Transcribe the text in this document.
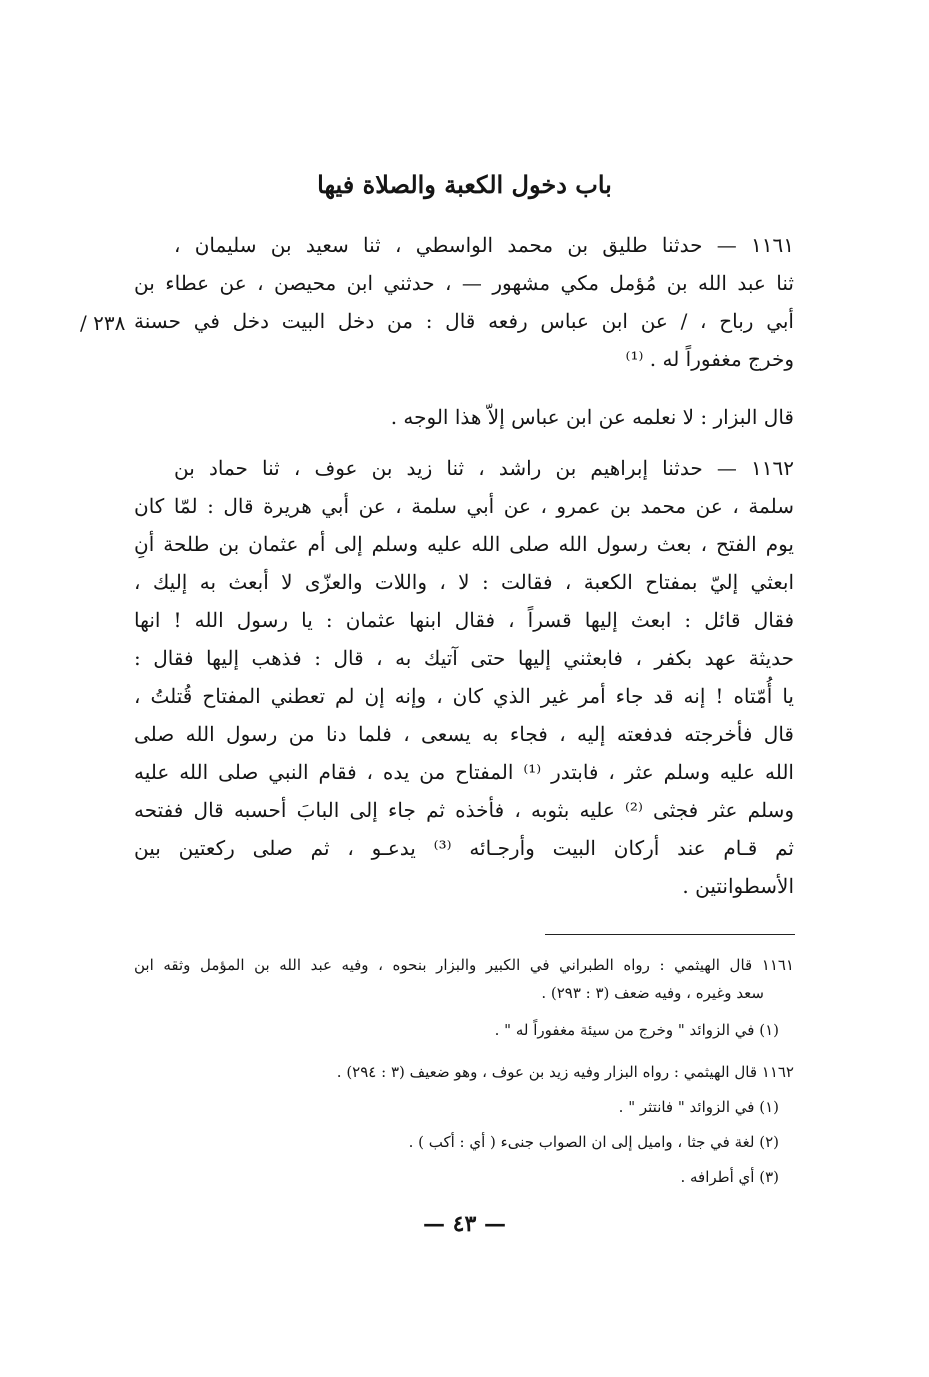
باب دخول الكعبة والصلاة فيها

١١٦١ — حدثنا طليق بن محمد الواسطي ، ثنا سعيد بن سليمان ،

ثنا عبد الله بن مُؤمل مكي مشهور — ، حدثني ابن محيصن ، عن عطاء بن

أبي رباح ، / عن ابن عباس رفعه قال : من دخل البيت دخل في حسنة

٢٣٨ /

وخرج مغفوراً له . ⁽¹⁾

قال البزار : لا نعلمه عن ابن عباس إلاّ هذا الوجه .

١١٦٢ — حدثنا إبراهيم بن راشد ، ثنا زيد بن عوف ، ثنا حماد بن

سلمة ، عن محمد بن عمرو ، عن أبي سلمة ، عن أبي هريرة قال : لمّا كان

يوم الفتح ، بعث رسول الله صلى الله عليه وسلم إلى أم عثمان بن طلحة أنِ

ابعثي إليّ بمفتاح الكعبة ، فقالت : لا ، واللات والعزّى لا أبعث به إليك ،

فقال قائل : ابعث إليها قسراً ، فقال ابنها عثمان : يا رسول الله ! انها

حديثة عهد بكفر ، فابعثني إليها حتى آتيك به ، قال : فذهب إليها فقال :

يا أُمّتاه ! إنه قد جاء أمر غير الذي كان ، وإنه إن لم تعطني المفتاح قُتلتُ ،

قال فأخرجته فدفعته إليه ، فجاء به يسعى ، فلما دنا من رسول الله صلى

الله عليه وسلم عثر ، فابتدر ⁽¹⁾ المفتاح من يده ، فقام النبي صلى الله عليه

وسلم عثر فجثى ⁽²⁾ عليه بثوبه ، فأخذه ثم جاء إلى البابَ أحسبه قال ففتحه

ثم قـام عند أركان البيت وأرجـائه ⁽³⁾ يدعـو ، ثم صلى ركعتين بين

الأسطوانتين .

١١٦١ قال الهيثمي : رواه الطبراني في الكبير والبزار بنحوه ، وفيه عبد الله بن المؤمل وثقه ابن

سعد وغيره ، وفيه ضعف (٣ : ٢٩٣) .

(١) في الزوائد " وخرج من سيئة مغفوراً له " .

١١٦٢ قال الهيثمي : رواه البزار وفيه زيد بن عوف ، وهو ضعيف (٣ : ٢٩٤) .

(١) في الزوائد " فانتثر " .

(٢) لغة في جثا ، واميل إلى ان الصواب جنىء ( أي : أكب ) .

(٣) أي أطرافه .

— ٤٣ —
